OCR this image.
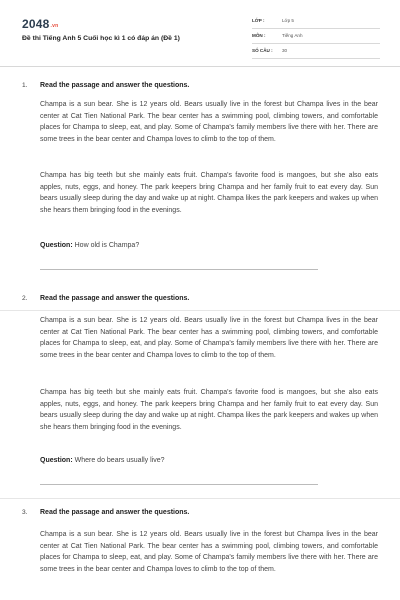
$2048^{.vn}$
Đề thi Tiếng Anh 5 Cuối học kì 1 có đáp án (Đề 1)
LỚP :	Lớp 5
MÔN :	Tiếng Anh
SỐ CÂU : 30
1. Read the passage and answer the questions.

Champa is a sun bear. She is 12 years old. Bears usually live in the forest but Champa lives in the bear center at Cat Tien National Park. The bear center has a swimming pool, climbing towers, and comfortable places for Champa to sleep, eat, and play. Some of Champa's family members live there with her. There are some trees in the bear center and Champa loves to climb to the top of them.

Champa has big teeth but she mainly eats fruit. Champa's favorite food is mangoes, but she also eats apples, nuts, eggs, and honey. The park keepers bring Champa and her family fruit to eat every day. Sun bears usually sleep during the day and wake up at night. Champa likes the park keepers and wakes up when she hears them bringing food in the evenings.

Question: How old is Champa?
2. Read the passage and answer the questions.

Champa is a sun bear. She is 12 years old. Bears usually live in the forest but Champa lives in the bear center at Cat Tien National Park. The bear center has a swimming pool, climbing towers, and comfortable places for Champa to sleep, eat, and play. Some of Champa's family members live there with her. There are some trees in the bear center and Champa loves to climb to the top of them.

Champa has big teeth but she mainly eats fruit. Champa's favorite food is mangoes, but she also eats apples, nuts, eggs, and honey. The park keepers bring Champa and her family fruit to eat every day. Sun bears usually sleep during the day and wake up at night. Champa likes the park keepers and wakes up when she hears them bringing food in the evenings.

Question: Where do bears usually live?
3. Read the passage and answer the questions.

Champa is a sun bear. She is 12 years old. Bears usually live in the forest but Champa lives in the bear center at Cat Tien National Park. The bear center has a swimming pool, climbing towers, and comfortable places for Champa to sleep, eat, and play. Some of Champa's family members live there with her. There are some trees in the bear center and Champa loves to climb to the top of them.
